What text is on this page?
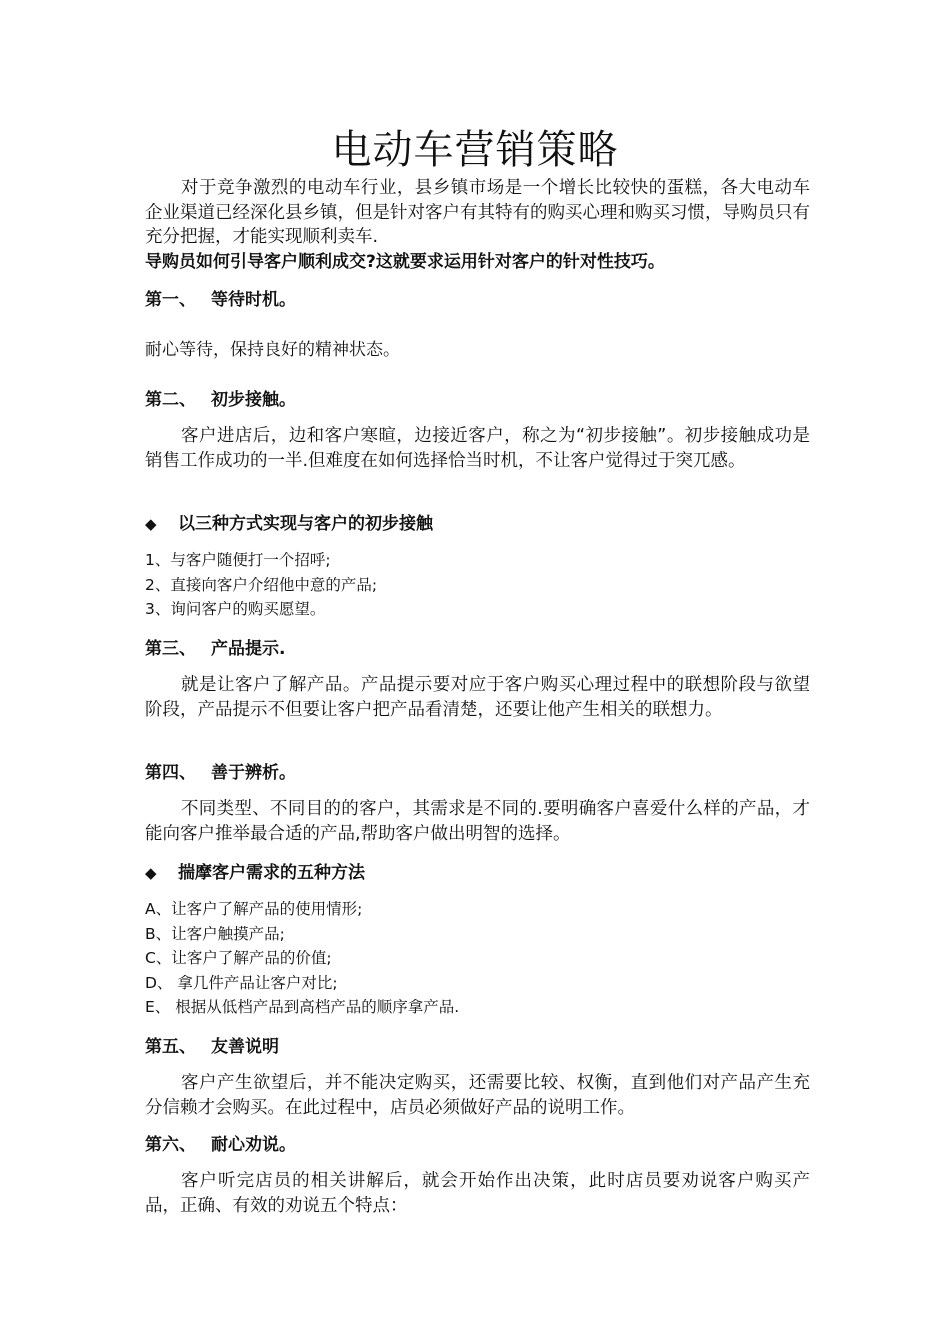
电动车营销策略
对于竞争激烈的电动车行业，县乡镇市场是一个增长比较快的蛋糕，各大电动车企业渠道已经深化县乡镇，但是针对客户有其特有的购买心理和购买习惯，导购员只有充分把握，才能实现顺利卖车.
导购员如何引导客户顺利成交?这就要求运用针对客户的针对性技巧。
第一、 等待时机。
耐心等待，保持良好的精神状态。
第二、 初步接触。
客户进店后，边和客户寒暄，边接近客户，称之为“初步接触”。初步接触成功是销售工作成功的一半.但难度在如何选择恰当时机，不让客户觉得过于突兀感。
◆ 以三种方式实现与客户的初步接触
1、与客户随便打一个招呼;
2、直接向客户介绍他中意的产品;
3、询问客户的购买愿望。
第三、 产品提示.
就是让客户了解产品。产品提示要对应于客户购买心理过程中的联想阶段与欲望阶段，产品提示不但要让客户把产品看清楚，还要让他产生相关的联想力。
第四、 善于辨析。
不同类型、不同目的的客户，其需求是不同的.要明确客户喜爱什么样的产品，才能向客户推举最合适的产品,帮助客户做出明智的选择。
◆ 揣摩客户需求的五种方法
A、让客户了解产品的使用情形;
B、让客户触摸产品;
C、让客户了解产品的价值;
D、 拿几件产品让客户对比;
E、 根据从低档产品到高档产品的顺序拿产品.
第五、 友善说明
客户产生欲望后，并不能决定购买，还需要比较、权衡，直到他们对产品产生充分信赖才会购买。在此过程中，店员必须做好产品的说明工作。
第六、 耐心劝说。
客户听完店员的相关讲解后，就会开始作出决策，此时店员要劝说客户购买产品，正确、有效的劝说五个特点：
